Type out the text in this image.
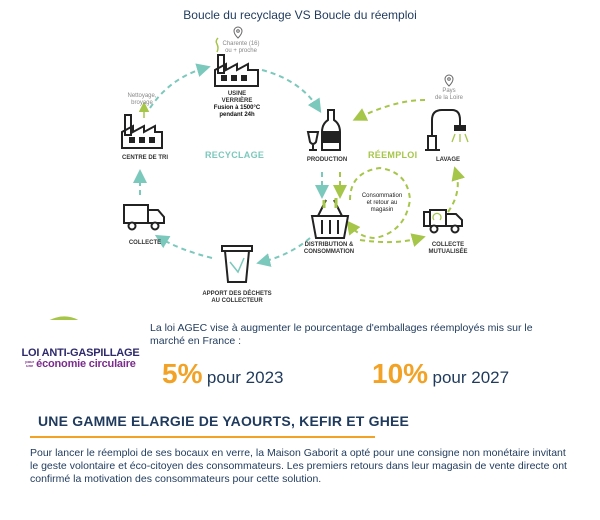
Boucle du recyclage VS Boucle du réemploi
Charente (16)
ou + proche
USINE
VERRIÈRE
Fusion à 1500°C
pendant 24h
Nettoyage,
broyage
CENTRE DE TRI
COLLECTE
APPORT DES DÉCHETS
AU COLLECTEUR
PRODUCTION
DISTRIBUTION &
CONSOMMATION
Consommation
et retour au
magasin
COLLECTE
MUTUALISÉE
Pays
de la Loire
LAVAGE
RECYCLAGE	RÉEMPLOI
LOI ANTI-GASPILLAGE
pour
une économie circulaire
La loi AGEC vise à augmenter le pourcentage d'emballages réemployés mis sur le marché en France :
5% pour 2023	10% pour 2027
UNE GAMME ELARGIE DE YAOURTS, KEFIR ET GHEE
Pour lancer le réemploi de ses bocaux en verre, la Maison Gaborit a opté pour une consigne non monétaire invitant le geste volontaire et éco-citoyen des consommateurs. Les premiers retours dans leur magasin de vente directe ont confirmé la motivation des consommateurs pour cette solution.
